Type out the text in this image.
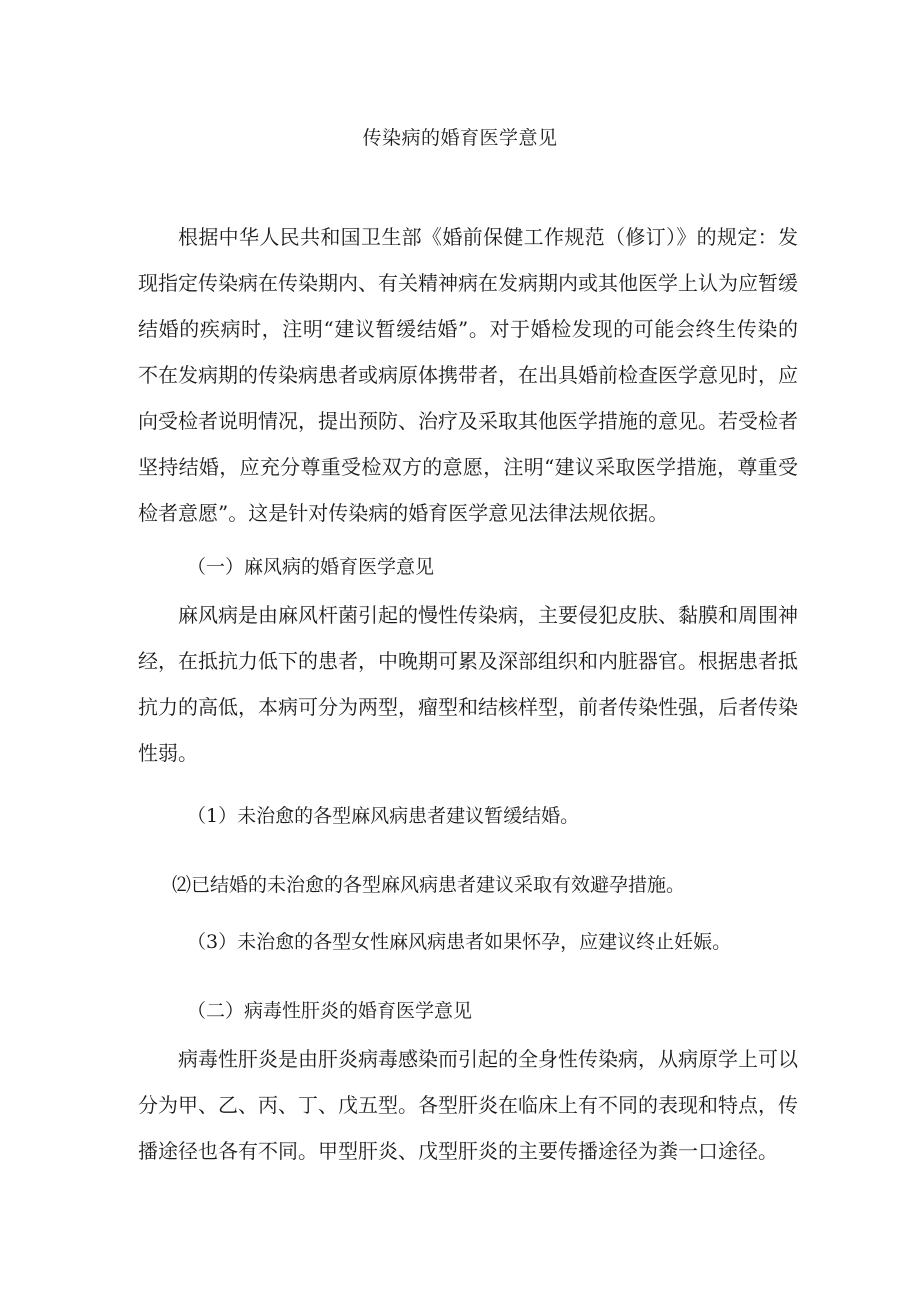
传染病的婚育医学意见

根据中华人民共和国卫生部《婚前保健工作规范（修订）》的规定：发现指定传染病在传染期内、有关精神病在发病期内或其他医学上认为应暂缓结婚的疾病时，注明“建议暂缓结婚”。对于婚检发现的可能会终生传染的不在发病期的传染病患者或病原体携带者，在出具婚前检查医学意见时，应向受检者说明情况，提出预防、治疗及采取其他医学措施的意见。若受检者坚持结婚，应充分尊重受检双方的意愿，注明“建议采取医学措施，尊重受检者意愿”。这是针对传染病的婚育医学意见法律法规依据。

（一）麻风病的婚育医学意见

麻风病是由麻风杆菌引起的慢性传染病，主要侵犯皮肤、黏膜和周围神经，在抵抗力低下的患者，中晚期可累及深部组织和内脏器官。根据患者抵抗力的高低，本病可分为两型，瘤型和结核样型，前者传染性强，后者传染性弱。

（1）未治愈的各型麻风病患者建议暂缓结婚。

⑵已结婚的未治愈的各型麻风病患者建议采取有效避孕措施。

（3）未治愈的各型女性麻风病患者如果怀孕，应建议终止妊娠。

（二）病毒性肝炎的婚育医学意见

病毒性肝炎是由肝炎病毒感染而引起的全身性传染病，从病原学上可以分为甲、乙、丙、丁、戊五型。各型肝炎在临床上有不同的表现和特点，传播途径也各有不同。甲型肝炎、戊型肝炎的主要传播途径为粪一口途径。
